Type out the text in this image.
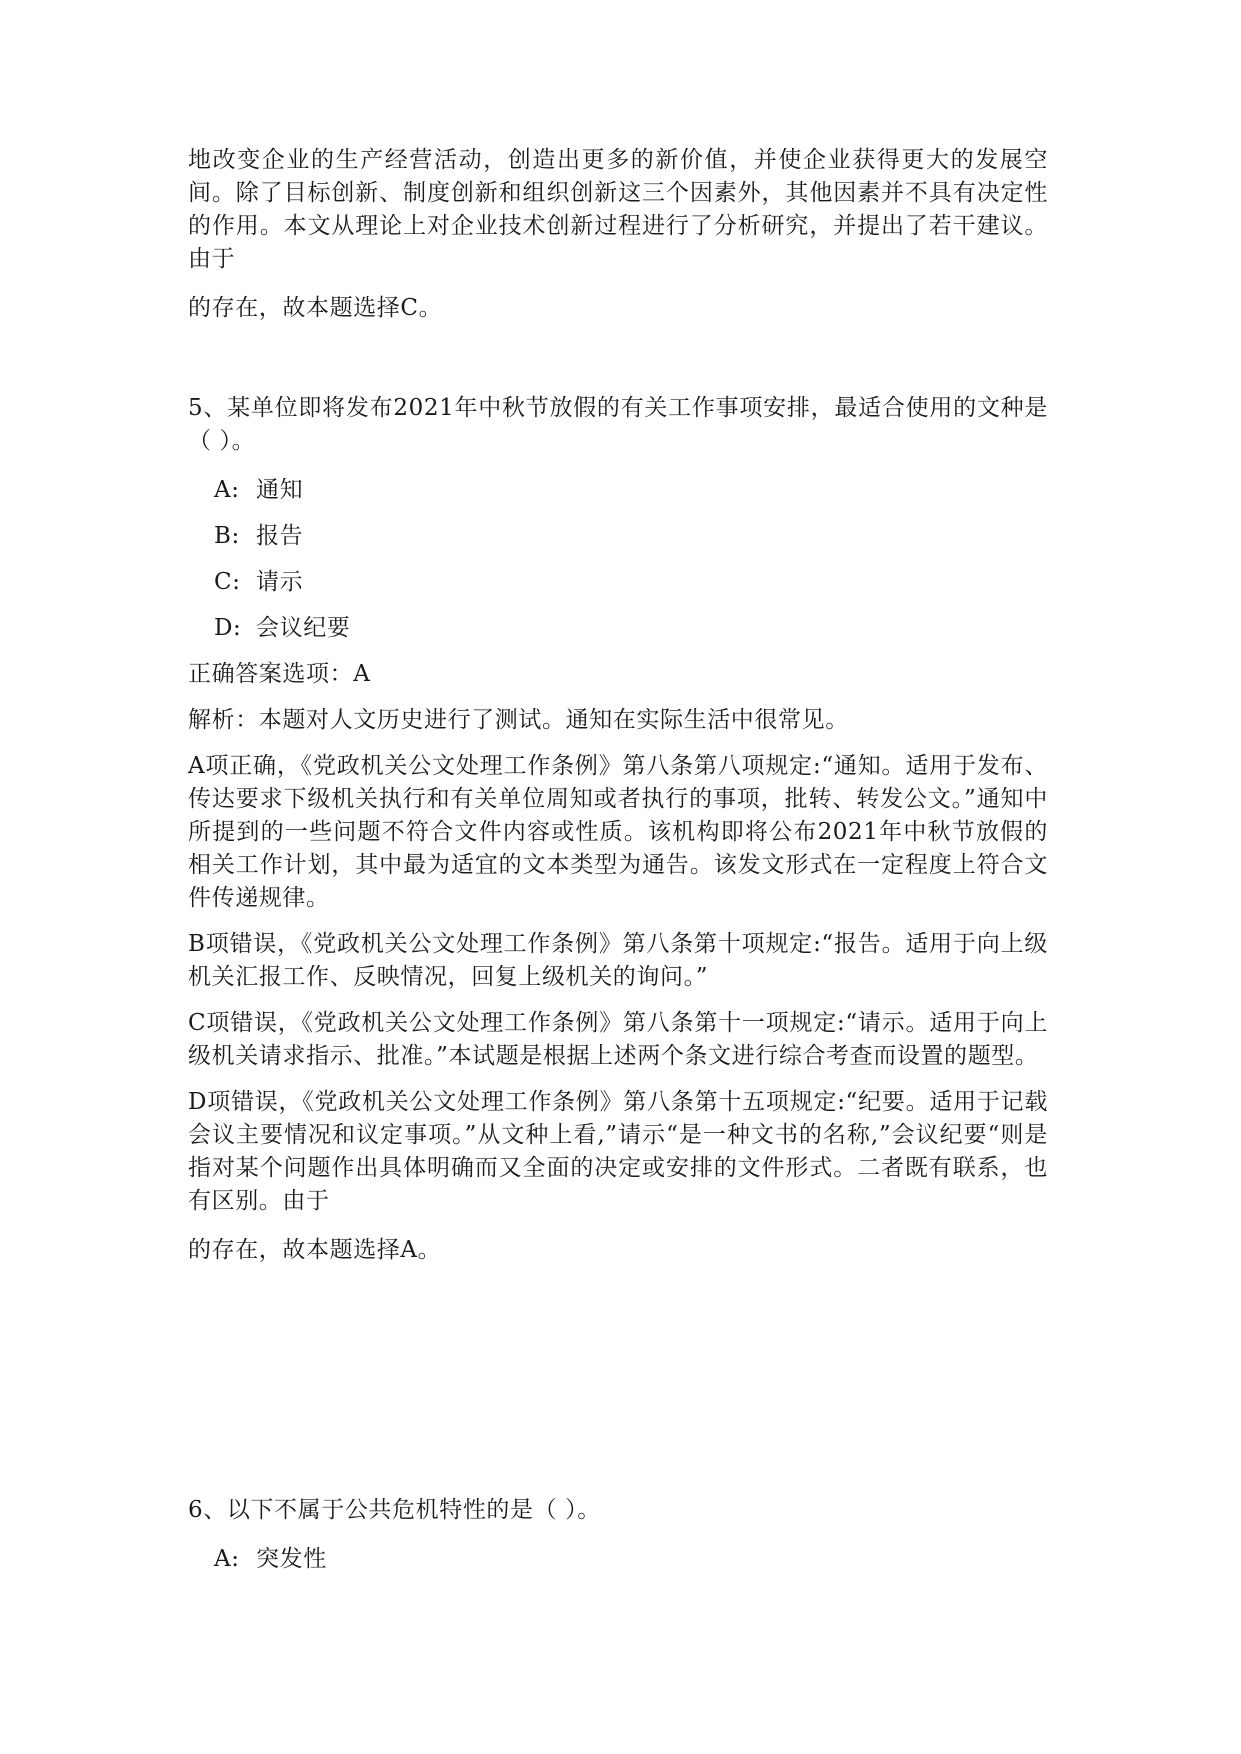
地改变企业的生产经营活动，创造出更多的新价值，并使企业获得更大的发展空间。除了目标创新、制度创新和组织创新这三个因素外，其他因素并不具有决定性的作用。本文从理论上对企业技术创新过程进行了分析研究，并提出了若干建议。由于

的存在，故本题选择C。

5、某单位即将发布2021年中秋节放假的有关工作事项安排，最适合使用的文种是（ ）。

A: 通知

B: 报告

C: 请示

D: 会议纪要

正确答案选项：A

解析：本题对人文历史进行了测试。通知在实际生活中很常见。

A项正确，《党政机关公文处理工作条例》第八条第八项规定:“通知。适用于发布、传达要求下级机关执行和有关单位周知或者执行的事项，批转、转发公文。”通知中所提到的一些问题不符合文件内容或性质。该机构即将公布2021年中秋节放假的相关工作计划，其中最为适宜的文本类型为通告。该发文形式在一定程度上符合文件传递规律。

B项错误，《党政机关公文处理工作条例》第八条第十项规定:“报告。适用于向上级机关汇报工作、反映情况，回复上级机关的询问。”

C项错误，《党政机关公文处理工作条例》第八条第十一项规定:“请示。适用于向上级机关请求指示、批准。”本试题是根据上述两个条文进行综合考查而设置的题型。

D项错误，《党政机关公文处理工作条例》第八条第十五项规定:“纪要。适用于记载会议主要情况和议定事项。”从文种上看,”请示“是一种文书的名称,”会议纪要“则是指对某个问题作出具体明确而又全面的决定或安排的文件形式。二者既有联系，也有区别。由于

的存在，故本题选择A。

6、以下不属于公共危机特性的是（ ）。

A: 突发性
